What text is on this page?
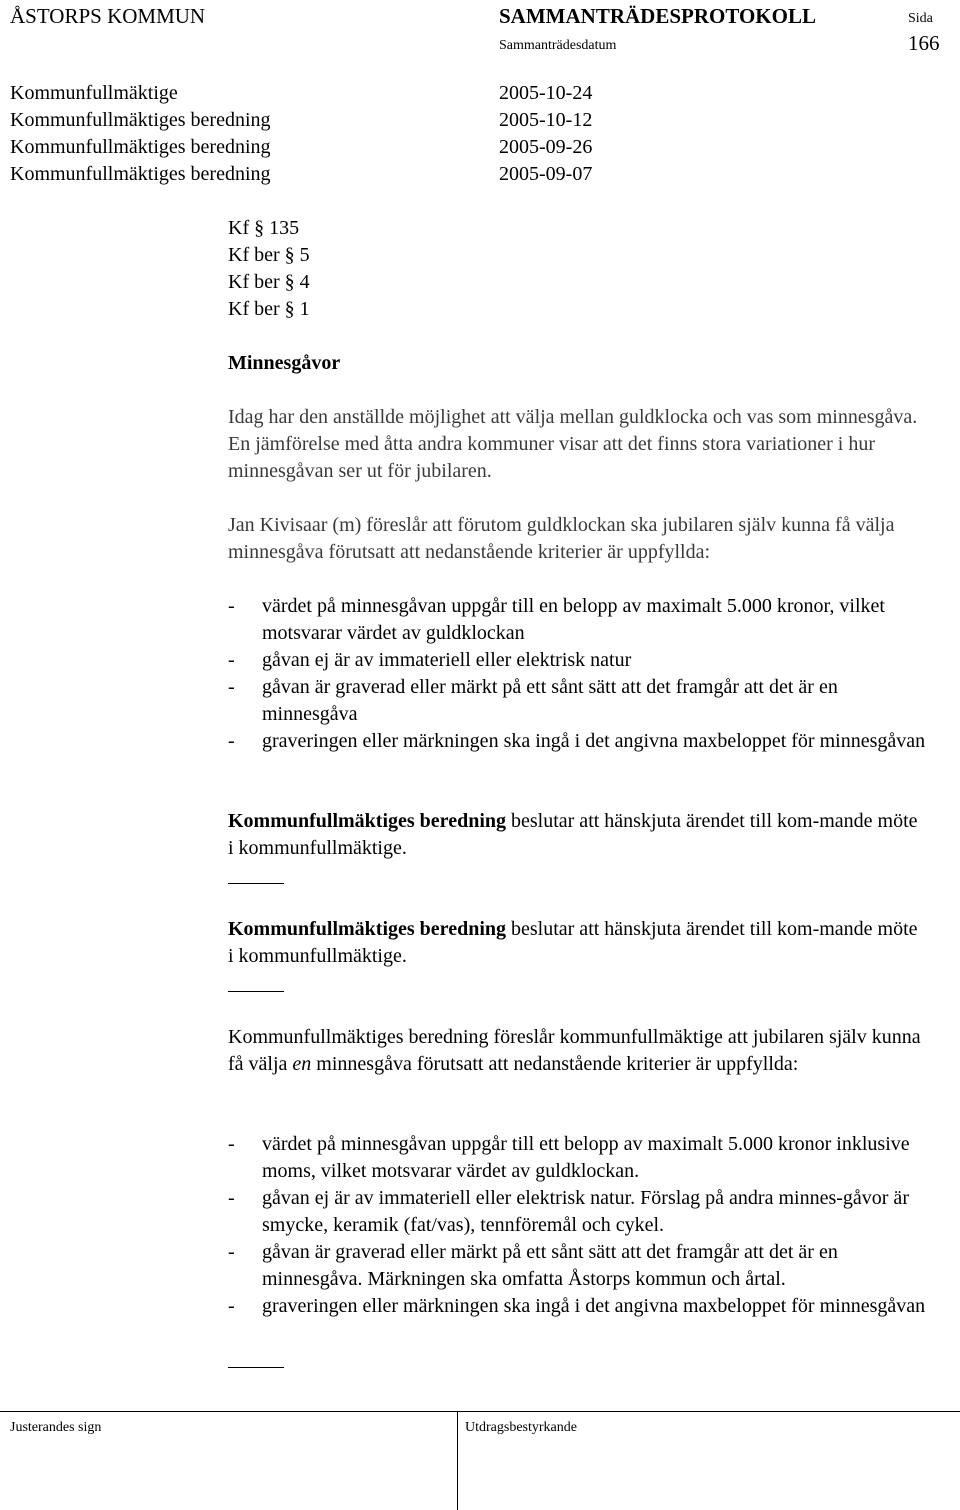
ÅSTORPS KOMMUN	SAMMANTRÄDESPROTOKOLL	Sida
Sammanträdesdatum	166
Kommunfullmäktige	2005-10-24
Kommunfullmäktiges beredning	2005-10-12
Kommunfullmäktiges beredning	2005-09-26
Kommunfullmäktiges beredning	2005-09-07
Kf § 135
Kf ber § 5
Kf ber § 4
Kf ber § 1
Minnesgåvor
Idag har den anställde möjlighet att välja mellan guldklocka och vas som minnesgåva. En jämförelse med åtta andra kommuner visar att det finns stora variationer i hur minnesgåvan ser ut för jubilaren.
Jan Kivisaar (m) föreslår att förutom guldklockan ska jubilaren själv kunna få välja minnesgåva förutsatt att nedanstående kriterier är uppfyllda:
- värdet på minnesgåvan uppgår till en belopp av maximalt 5.000 kronor, vilket motsvarar värdet av guldklockan
- gåvan ej är av immateriell eller elektrisk natur
- gåvan är graverad eller märkt på ett sånt sätt att det framgår att det är en minnesgåva
- graveringen eller märkningen ska ingå i det angivna maxbeloppet för minnesgåvan
Kommunfullmäktiges beredning beslutar att hänskjuta ärendet till kom-mande möte i kommunfullmäktige.
Kommunfullmäktiges beredning beslutar att hänskjuta ärendet till kom-mande möte i kommunfullmäktige.
Kommunfullmäktiges beredning föreslår kommunfullmäktige att jubilaren själv kunna få välja en minnesgåva förutsatt att nedanstående kriterier är uppfyllda:
- värdet på minnesgåvan uppgår till ett belopp av maximalt 5.000 kronor inklusive moms, vilket motsvarar värdet av guldklockan.
- gåvan ej är av immateriell eller elektrisk natur. Förslag på andra minnes-gåvor är smycke, keramik (fat/vas), tennföremål och cykel.
- gåvan är graverad eller märkt på ett sånt sätt att det framgår att det är en minnesgåva. Märkningen ska omfatta Åstorps kommun och årtal.
- graveringen eller märkningen ska ingå i det angivna maxbeloppet för minnesgåvan
Justerandes sign	Utdragsbestyrkande
